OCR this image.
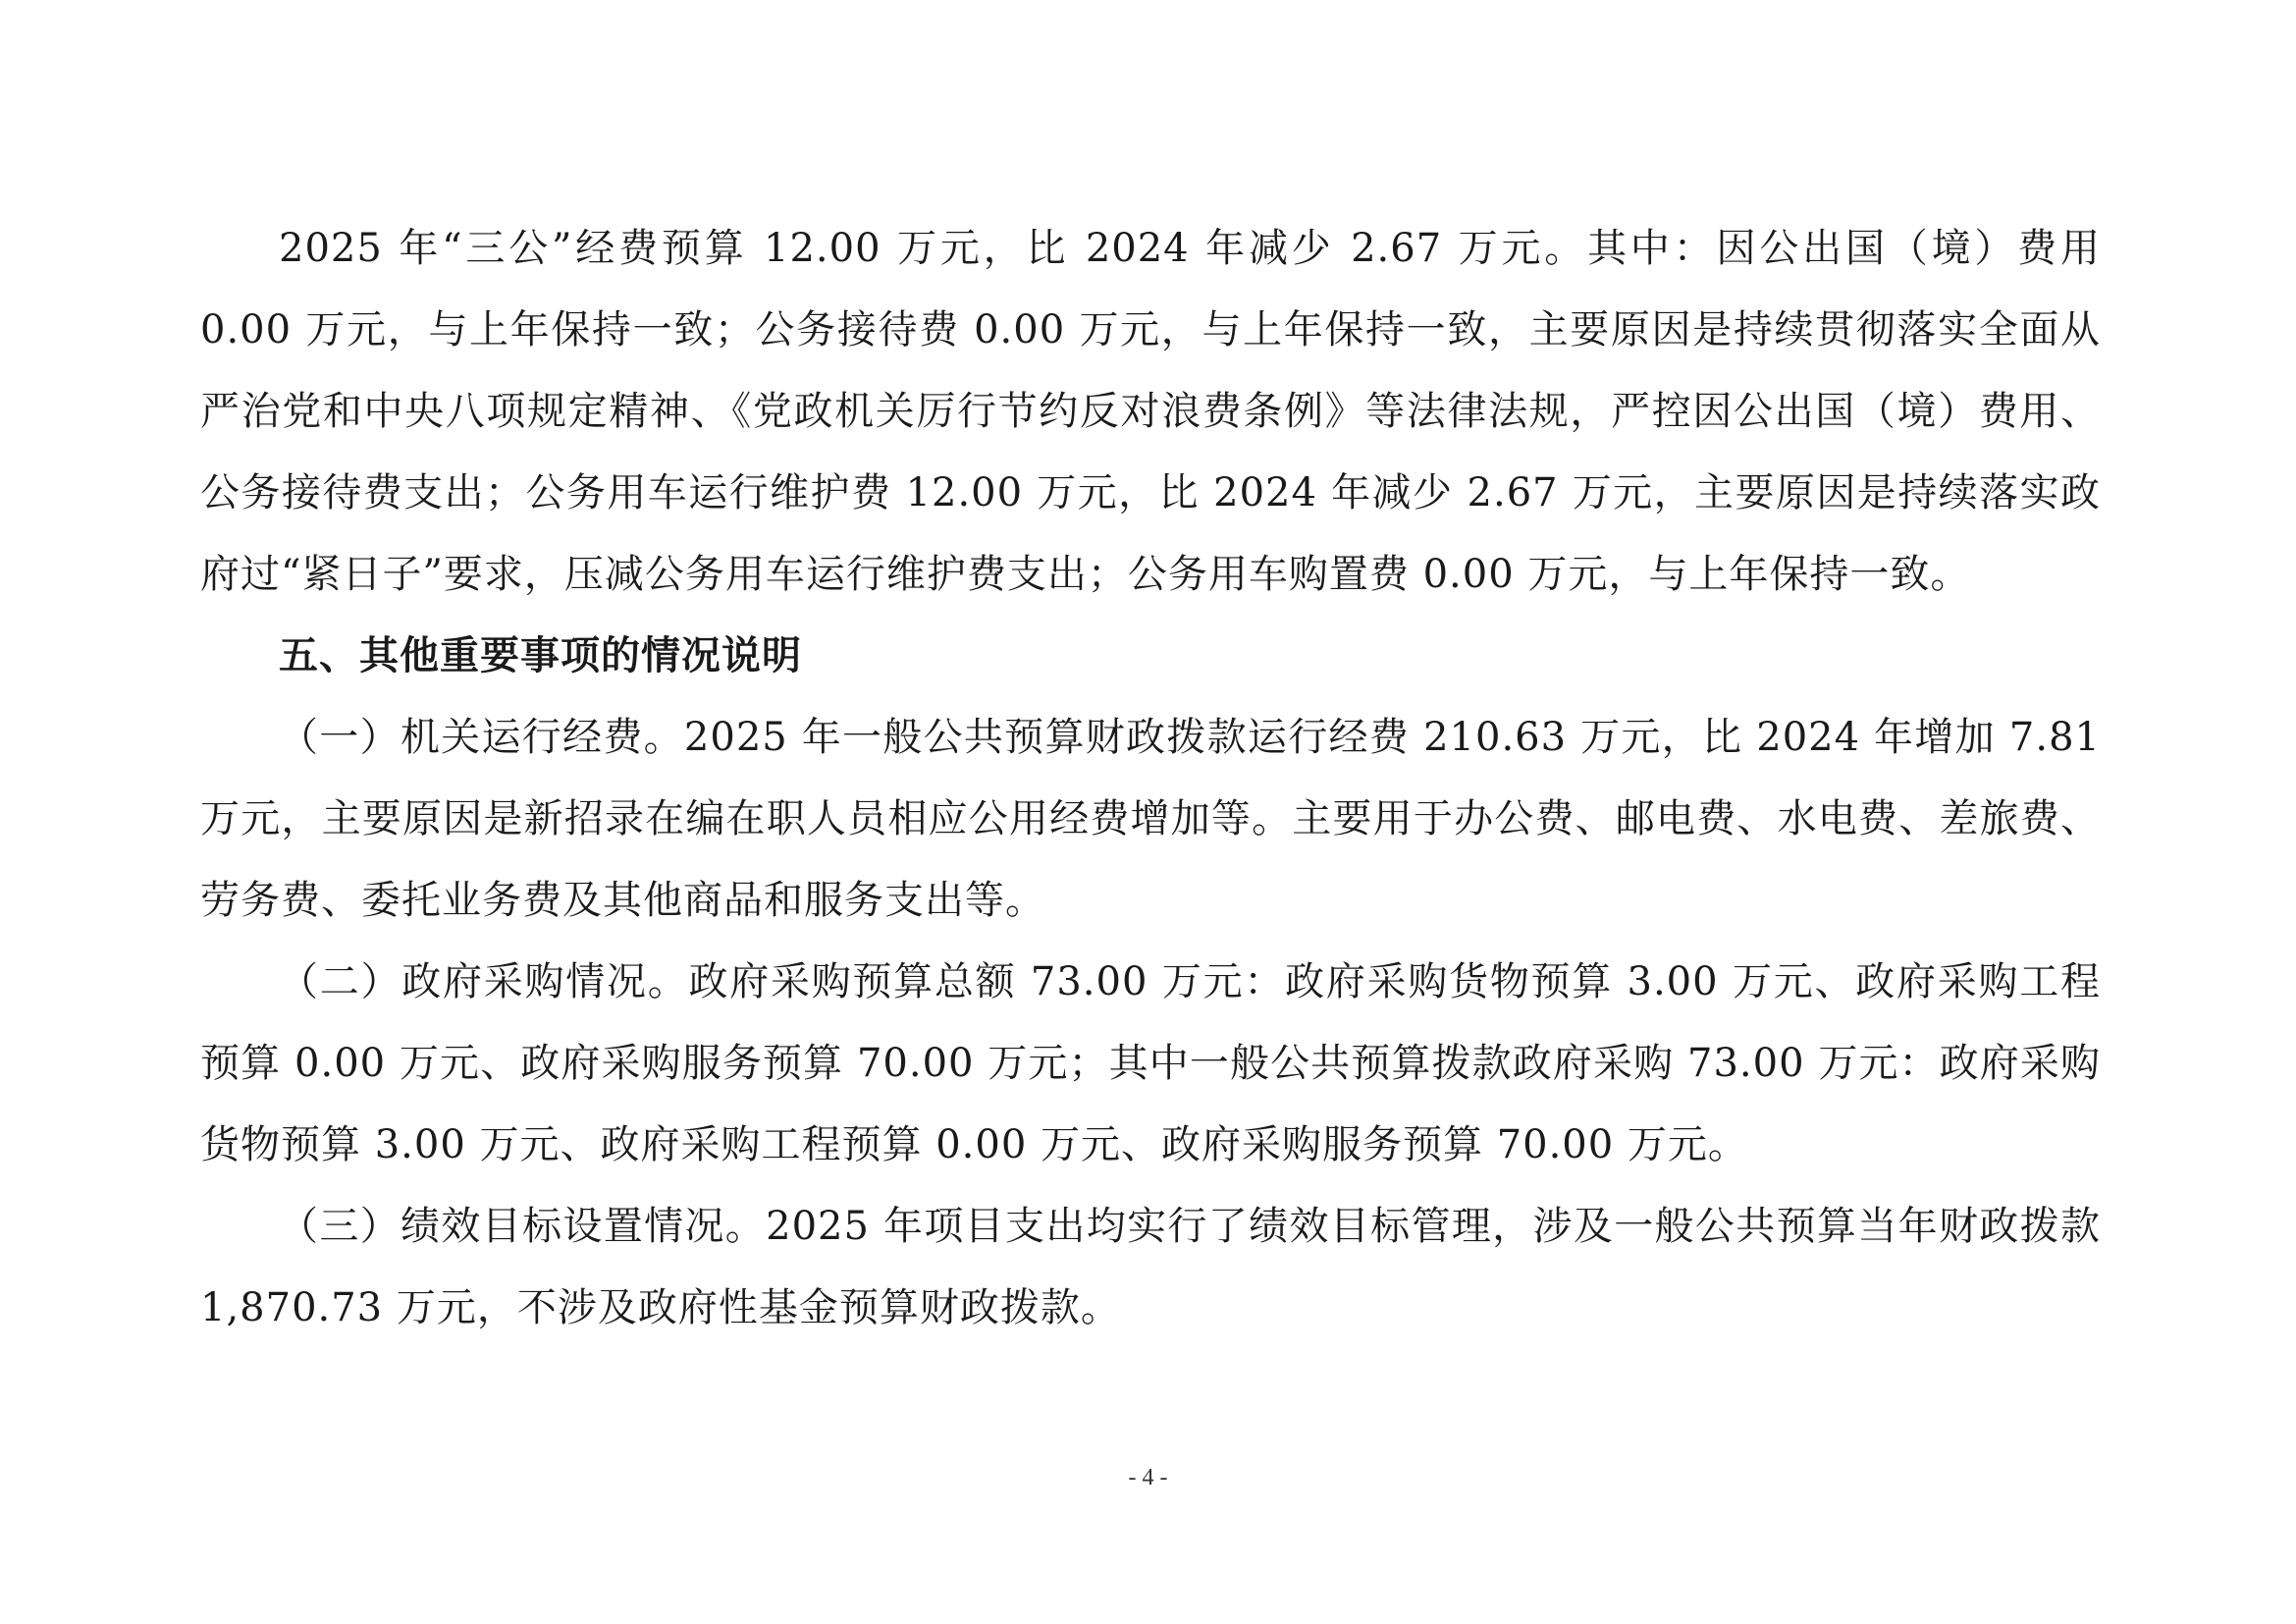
2025 年“三公”经费预算 12.00 万元，比 2024 年减少 2.67 万元。其中：因公出国（境）费用 0.00 万元，与上年保持一致；公务接待费 0.00 万元，与上年保持一致，主要原因是持续贯彻落实全面从严治党和中央八项规定精神、《党政机关厉行节约反对浪费条例》等法律法规，严控因公出国（境）费用、公务接待费支出；公务用车运行维护费 12.00 万元，比 2024 年减少 2.67 万元，主要原因是持续落实政府过“紧日子”要求，压减公务用车运行维护费支出；公务用车购置费 0.00 万元，与上年保持一致。

五、其他重要事项的情况说明

（一）机关运行经费。2025 年一般公共预算财政拨款运行经费 210.63 万元，比 2024 年增加 7.81 万元，主要原因是新招录在编在职人员相应公用经费增加等。主要用于办公费、邮电费、水电费、差旅费、劳务费、委托业务费及其他商品和服务支出等。

（二）政府采购情况。政府采购预算总额 73.00 万元：政府采购货物预算 3.00 万元、政府采购工程预算 0.00 万元、政府采购服务预算 70.00 万元；其中一般公共预算拨款政府采购 73.00 万元：政府采购货物预算 3.00 万元、政府采购工程预算 0.00 万元、政府采购服务预算 70.00 万元。

（三）绩效目标设置情况。2025 年项目支出均实行了绩效目标管理，涉及一般公共预算当年财政拨款 1,870.73 万元，不涉及政府性基金预算财政拨款。

- 4 -
